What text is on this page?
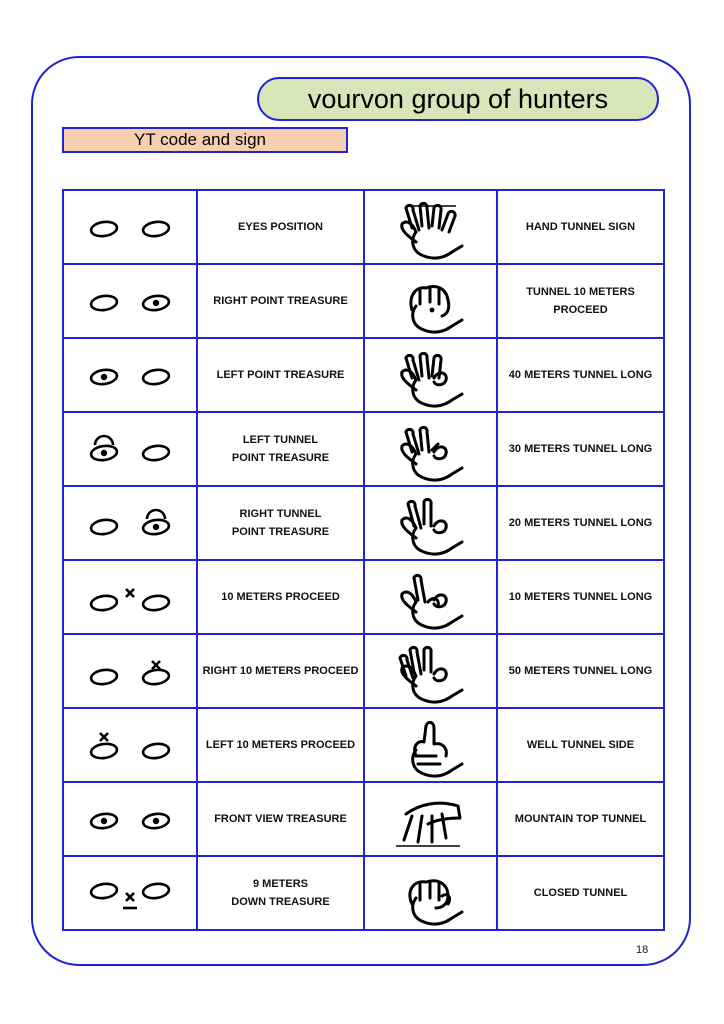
vourvon group of hunters
YT code and sign

EYES POSITION		HAND TUNNEL SIGN

RIGHT POINT TREASURE		TUNNEL 10 METERS
PROCEED

LEFT POINT TREASURE		40 METERS TUNNEL LONG

LEFT TUNNEL
POINT TREASURE		30 METERS TUNNEL LONG

RIGHT TUNNEL
POINT TREASURE		20 METERS TUNNEL LONG

10 METERS PROCEED		10 METERS TUNNEL LONG

RIGHT 10 METERS PROCEED		50 METERS TUNNEL LONG

LEFT 10 METERS PROCEED		WELL TUNNEL SIDE

FRONT VIEW TREASURE		MOUNTAIN TOP TUNNEL

9 METERS
DOWN TREASURE		CLOSED TUNNEL
18
